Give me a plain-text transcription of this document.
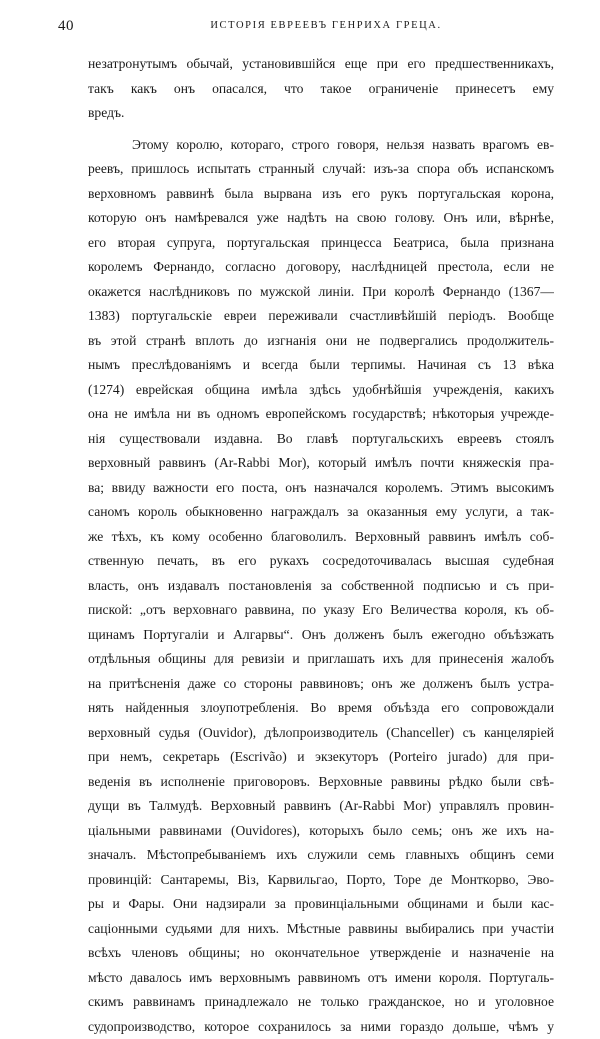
40	ИСТОРІЯ ЕВРЕЕВЪ ГЕНРИХА ГРЕЦА.
незатронутымъ обычай, установившійся еще при его предшественникахъ,
такъ какъ онъ опасался, что такое ограниченіе принесетъ ему
вредъ.
Этому королю, котораго, строго говоря, нельзя назвать врагомъ ев-
реевъ, пришлось испытать странный случай: изъ-за спора объ испанскомъ
верховномъ раввинѣ была вырвана изъ его рукъ португальская корона,
которую онъ намѣревался уже надѣть на свою голову. Онъ или, вѣрнѣе,
его вторая супруга, португальская принцесса Беатриса, была признана
королемъ Фернандо, согласно договору, наслѣдницей престола, если не
окажется наслѣдниковъ по мужской линіи. При королѣ Фернандо (1367—
1383) португальскіе евреи переживали счастливѣйшій періодъ. Вообще
въ этой странѣ вплоть до изгнанія они не подвергались продолжитель-
нымъ преслѣдованіямъ и всегда были терпимы. Начиная съ 13 вѣка
(1274) еврейская община имѣла здѣсь удобнѣйшія учрежденія, какихъ
она не имѣла ни въ одномъ европейскомъ государствѣ; нѣкоторыя учрежде-
нія существовали издавна. Во главѣ португальскихъ евреевъ стоялъ
верховный раввинъ (Ar-Rabbi Mor), который имѣлъ почти княжескія пра-
ва; ввиду важности его поста, онъ назначался королемъ. Этимъ высокимъ
саномъ король обыкновенно награждалъ за оказанныя ему услуги, а так-
же тѣхъ, къ кому особенно благоволилъ. Верховный раввинъ имѣлъ соб-
ственную печать, въ его рукахъ сосредоточивалась высшая судебная
власть, онъ издавалъ постановленія за собственной подписью и съ при-
пиской: „отъ верховнаго раввина, по указу Его Величества короля, къ об-
щинамъ Португаліи и Алгарвы“. Онъ долженъ былъ ежегодно объѣзжать
отдѣльныя общины для ревизіи и приглашать ихъ для принесенія жалобъ
на притѣсненія даже со стороны раввиновъ; онъ же долженъ былъ устра-
нять найденныя злоупотребленія. Во время объѣзда его сопровождали
верховный судья (Ouvidor), дѣлопроизводитель (Chanceller) съ канцеляріей
при немъ, секретарь (Escrivão) и экзекуторъ (Porteiro jurado) для при-
веденія въ исполненіе приговоровъ. Верховные раввины рѣдко были свѣ-
дущи въ Талмудѣ. Верховный раввинъ (Ar-Rabbi Mor) управлялъ провин-
ціальными раввинами (Ouvidores), которыхъ было семь; онъ же ихъ на-
значалъ. Мѣстопребываніемъ ихъ служили семь главныхъ общинъ семи
провинцій: Сантаремы, Віз, Карвильгао, Порто, Торе де Монткорво, Эво-
ры и Фары. Они надзирали за провинціальными общинами и были кас-
саціонными судьями для нихъ. Мѣстные раввины выбирались при участіи
всѣхъ членовъ общины; но окончательное утвержденіе и назначеніе на
мѣсто давалось имъ верховнымъ раввиномъ отъ имени короля. Португаль-
скимъ раввинамъ принадлежало не только гражданское, но и уголовное
судопроизводство, которое сохранилось за ними гораздо дольше, чѣмъ у
